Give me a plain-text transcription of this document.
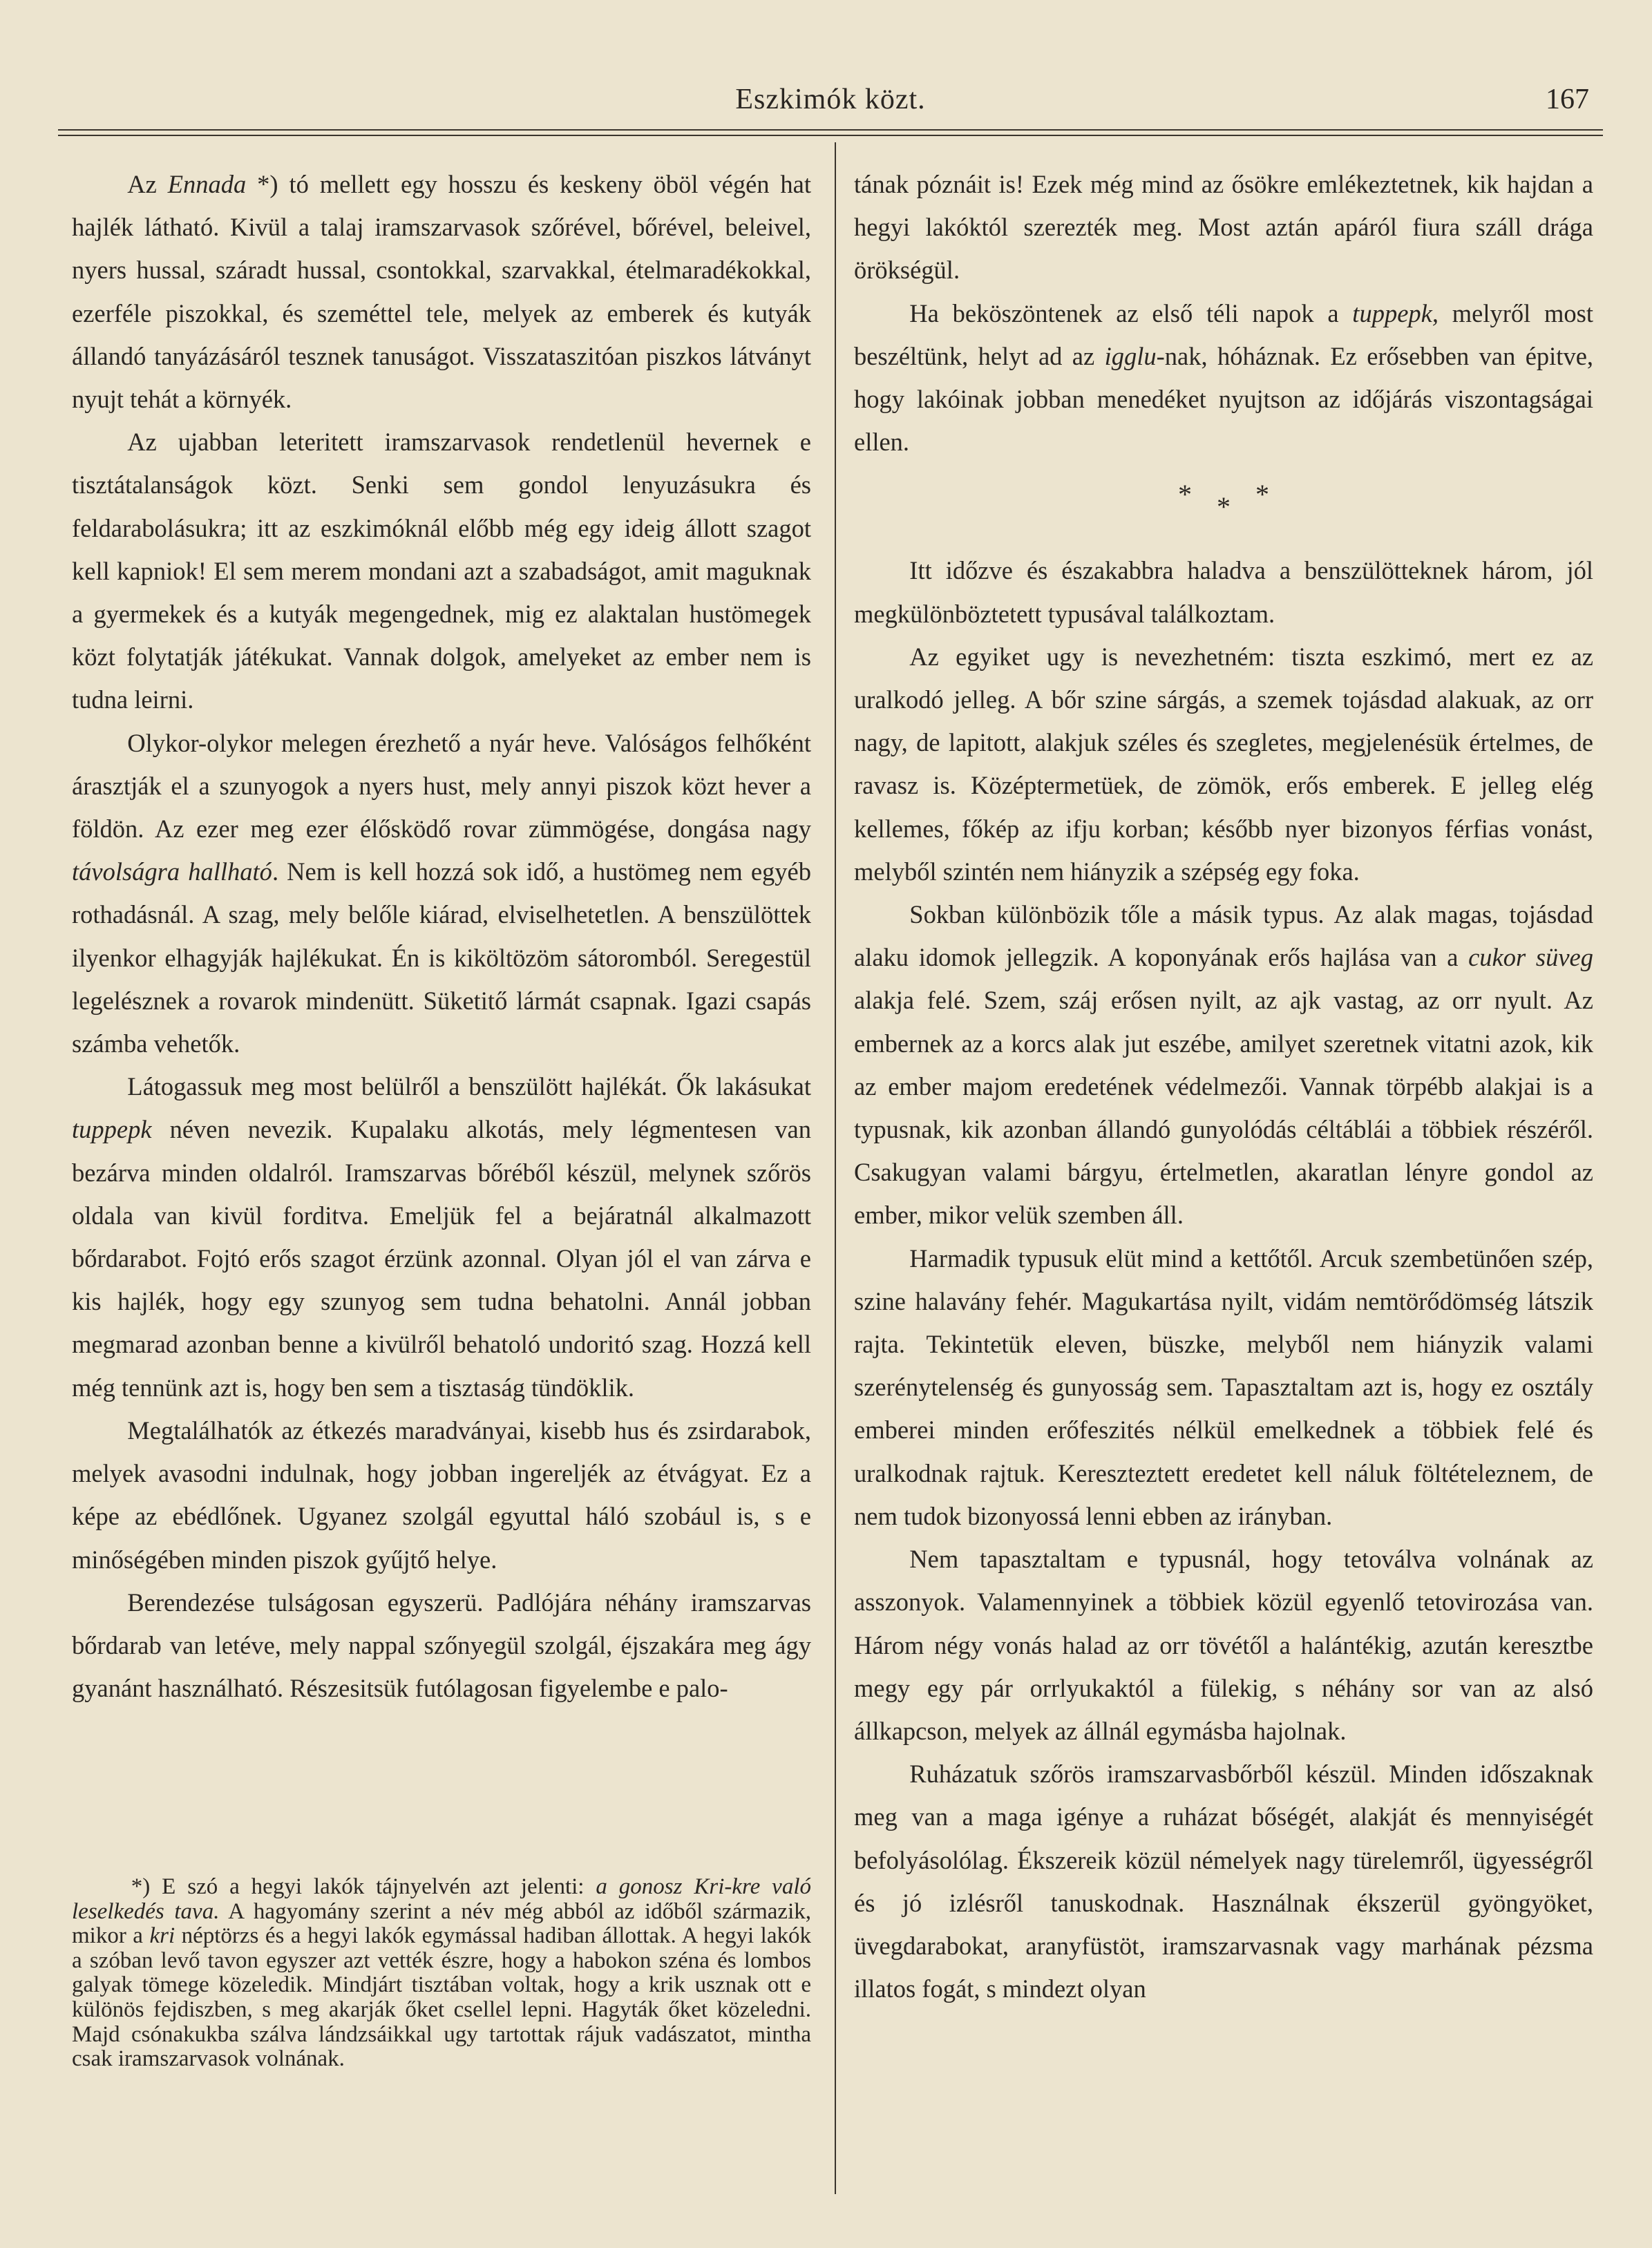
Eszkimók közt.	167

Az Ennada *) tó mellett egy hosszu és keskeny öböl végén hat hajlék látható. Kivül a talaj iramszarvasok szőrével, bőrével, beleivel, nyers hussal, száradt hussal, csontokkal, szarvakkal, ételmaradékokkal, ezerféle piszokkal, és szeméttel tele, melyek az emberek és kutyák állandó tanyázásáról tesznek tanuságot. Visszataszitóan piszkos látványt nyujt tehát a környék.

Az ujabban leteritett iramszarvasok rendetlenül hevernek e tisztátalanságok közt. Senki sem gondol lenyuzásukra és feldarabolásukra; itt az eszkimóknál előbb még egy ideig állott szagot kell kapniok! El sem merem mondani azt a szabadságot, amit maguknak a gyermekek és a kutyák megengednek, mig ez alaktalan hustömegek közt folytatják játékukat. Vannak dolgok, amelyeket az ember nem is tudna leirni.

Olykor-olykor melegen érezhető a nyár heve. Valóságos felhőként árasztják el a szunyogok a nyers hust, mely annyi piszok közt hever a földön. Az ezer meg ezer élősködő rovar zümmögése, dongása nagy távolságra hallható. Nem is kell hozzá sok idő, a hustömeg nem egyéb rothadásnál. A szag, mely belőle kiárad, elviselhetetlen. A benszülöttek ilyenkor elhagyják hajlékukat. Én is kiköltözöm sátoromból. Seregestül legelésznek a rovarok mindenütt. Süketitő lármát csapnak. Igazi csapás számba vehetők.

Látogassuk meg most belülről a benszülött hajlékát. Ők lakásukat tuppepk néven nevezik. Kupalaku alkotás, mely légmentesen van bezárva minden oldalról. Iramszarvas bőréből készül, melynek szőrös oldala van kivül forditva. Emeljük fel a bejáratnál alkalmazott bőrdarabot. Fojtó erős szagot érzünk azonnal. Olyan jól el van zárva e kis hajlék, hogy egy szunyog sem tudna behatolni. Annál jobban megmarad azonban benne a kivülről behatoló undoritó szag. Hozzá kell még tennünk azt is, hogy ben sem a tisztaság tündöklik.

Megtalálhatók az étkezés maradványai, kisebb hus és zsirdarabok, melyek avasodni indulnak, hogy jobban ingereljék az étvágyat. Ez a képe az ebédlőnek. Ugyanez szolgál egyuttal háló szobául is, s e minőségében minden piszok gyűjtő helye.

Berendezése tulságosan egyszerü. Padlójára néhány iramszarvas bőrdarab van letéve, mely nappal szőnyegül szolgál, éjszakára meg ágy gyanánt használható. Részesitsük futólagosan figyelembe e palo-

*) E szó a hegyi lakók tájnyelvén azt jelenti: a gonosz Kri-kre való leselkedés tava. A hagyomány szerint a név még abból az időből származik, mikor a kri néptörzs és a hegyi lakók egymással hadiban állottak. A hegyi lakók a szóban levő tavon egyszer azt vették észre, hogy a habokon széna és lombos galyak tömege közeledik. Mindjárt tisztában voltak, hogy a krik usznak ott e különös fejdiszben, s meg akarják őket csellel lepni. Hagyták őket közeledni. Majd csónakukba szálva lándzsáikkal ugy tartottak rájuk vadászatot, mintha csak iramszarvasok volnának.

tának póznáit is! Ezek még mind az ősökre emlékeztetnek, kik hajdan a hegyi lakóktól szerezték meg. Most aztán apáról fiura száll drága örökségül.

Ha beköszöntenek az első téli napok a tuppepk, melyről most beszéltünk, helyt ad az igglu-nak, hóháznak. Ez erősebben van épitve, hogy lakóinak jobban menedéket nyujtson az időjárás viszontagságai ellen.

* * *

Itt időzve és északabbra haladva a benszülötteknek három, jól megkülönböztetett typusával találkoztam.

Az egyiket ugy is nevezhetném: tiszta eszkimó, mert ez az uralkodó jelleg. A bőr szine sárgás, a szemek tojásdad alakuak, az orr nagy, de lapitott, alakjuk széles és szegletes, megjelenésük értelmes, de ravasz is. Középtermetüek, de zömök, erős emberek. E jelleg elég kellemes, főkép az ifju korban; később nyer bizonyos férfias vonást, melyből szintén nem hiányzik a szépség egy foka.

Sokban különbözik tőle a másik typus. Az alak magas, tojásdad alaku idomok jellegzik. A koponyának erős hajlása van a cukor süveg alakja felé. Szem, száj erősen nyilt, az ajk vastag, az orr nyult. Az embernek az a korcs alak jut eszébe, amilyet szeretnek vitatni azok, kik az ember majom eredetének védelmezői. Vannak törpébb alakjai is a typusnak, kik azonban állandó gunyolódás céltáblái a többiek részéről. Csakugyan valami bárgyu, értelmetlen, akaratlan lényre gondol az ember, mikor velük szemben áll.

Harmadik typusuk elüt mind a kettőtől. Arcuk szembetünően szép, szine halavány fehér. Magukartása nyilt, vidám nemtörődömség látszik rajta. Tekintetük eleven, büszke, melyből nem hiányzik valami szerénytelenség és gunyosság sem. Tapasztaltam azt is, hogy ez osztály emberei minden erőfeszités nélkül emelkednek a többiek felé és uralkodnak rajtuk. Kereszteztett eredetet kell náluk föltételeznem, de nem tudok bizonyossá lenni ebben az irányban.

Nem tapasztaltam e typusnál, hogy tetoválva volnának az asszonyok. Valamennyinek a többiek közül egyenlő tetovirozása van. Három négy vonás halad az orr tövétől a halántékig, azután keresztbe megy egy pár orrlyukaktól a fülekig, s néhány sor van az alsó állkapcson, melyek az állnál egymásba hajolnak.

Ruházatuk szőrös iramszarvasbőrből készül. Minden időszaknak meg van a maga igénye a ruházat bőségét, alakját és mennyiségét befolyásolólag. Ékszereik közül némelyek nagy türelemről, ügyességről és jó izlésről tanuskodnak. Használnak ékszerül gyöngyöket, üvegdarabokat, aranyfüstöt, iramszarvasnak vagy marhának pézsma illatos fogát, s mindezt olyan
